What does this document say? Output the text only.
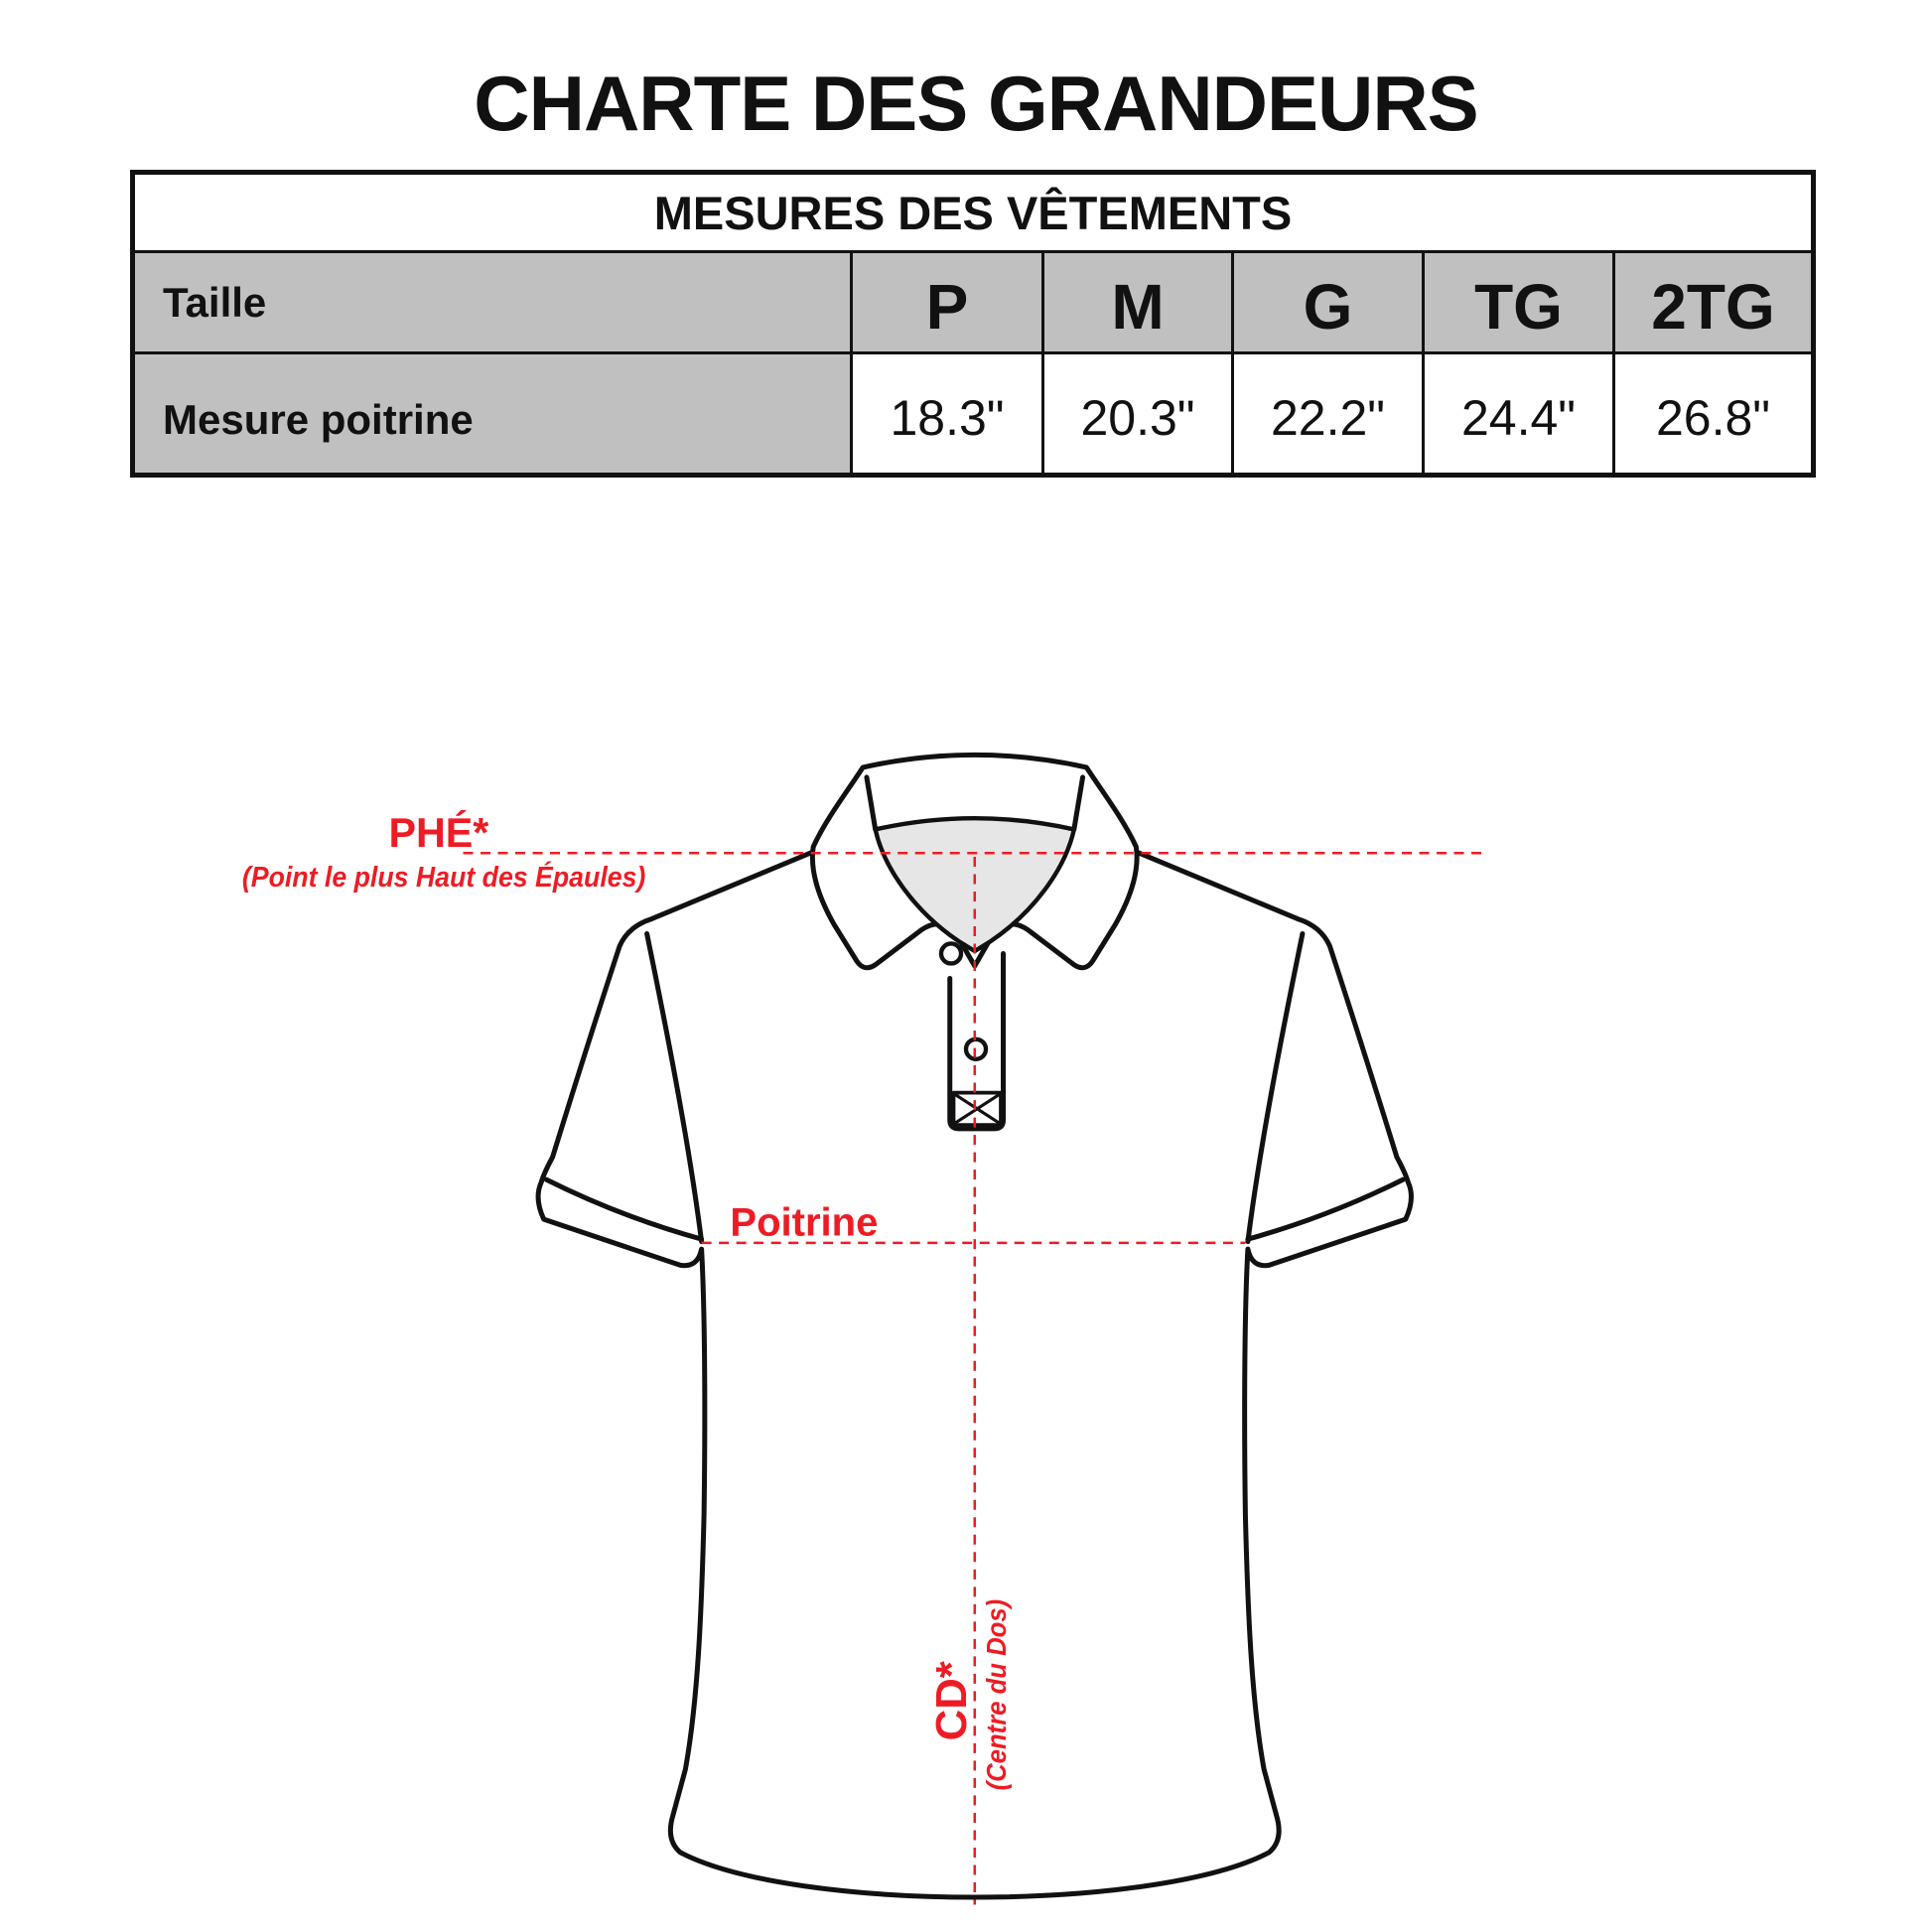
PHÉ*
(Point le plus Haut des Épaules)
Poitrine
CD* (Centre du Dos)
CHARTE DES GRANDEURS
MESURES DES VÊTEMENTS
Taille	P	M	G	TG	2TG
Mesure poitrine	18.3"	20.3"	22.2"	24.4"	26.8"
